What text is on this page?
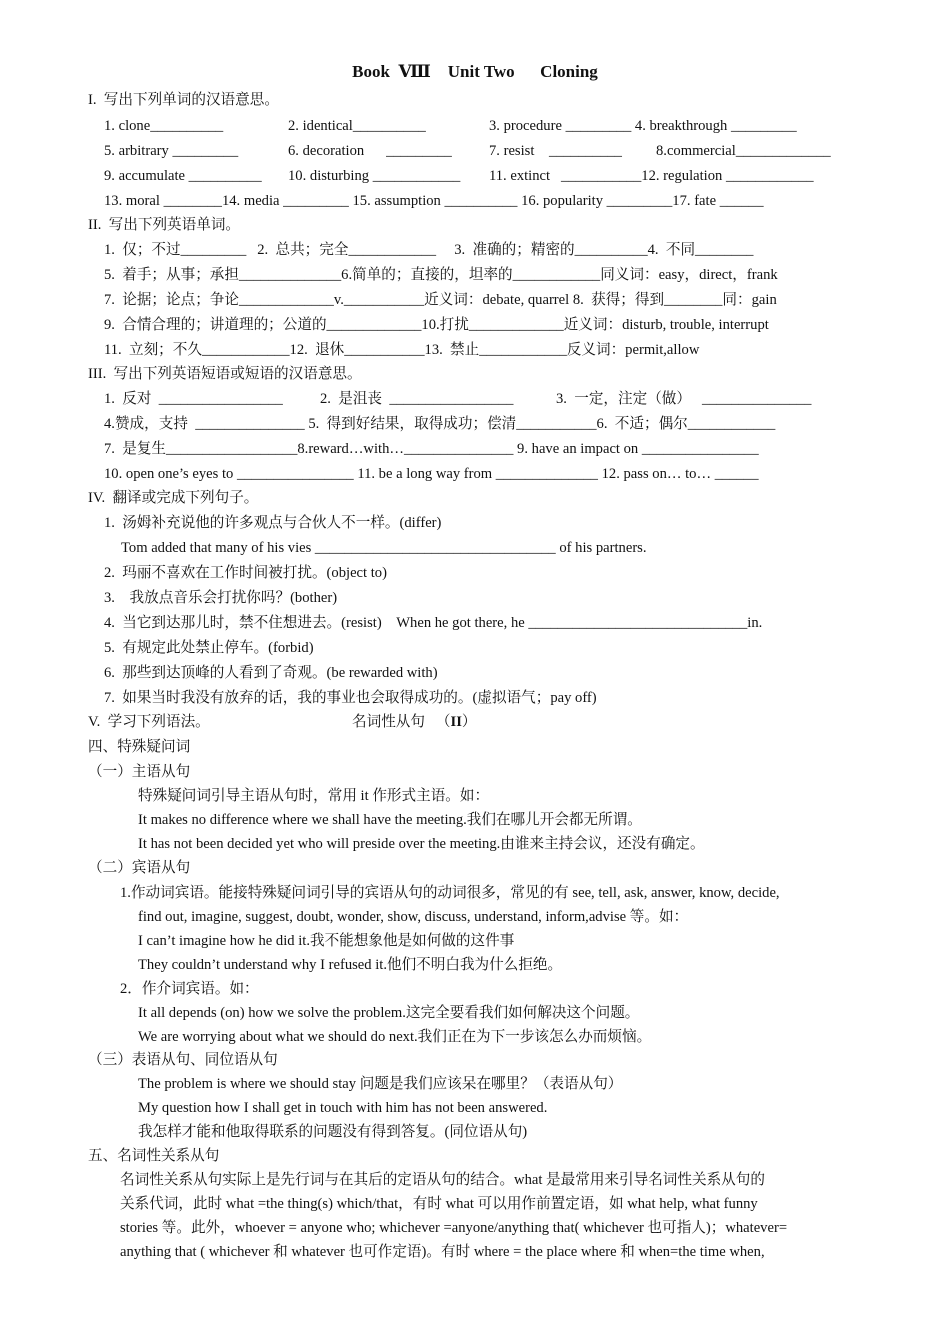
Book  Ⅷ    Unit Two      Cloning
I.  写出下列单词的汉语意思。
1. clone__________	2. identical__________	3. procedure _________ 4. breakthrough _________
5. arbitrary _________	6. decoration      _________	7. resist    __________ 8.commercial_____________
9. accumulate __________ 10. disturbing ____________ 11. extinct   ___________12. regulation ____________
13. moral ________14. media _________ 15. assumption __________ 16. popularity _________17. fate ______
II.  写出下列英语单词。
1.  仅；不过_________   2.  总共；完全____________     3.  准确的；精密的__________4.  不同________
5.  着手；从事；承担______________6.简单的；直接的，坦率的____________同义词：easy，direct，frank
7.  论据；论点；争论_____________v.___________近义词：debate, quarrel 8.  获得；得到________同：gain
9.  合情合理的；讲道理的；公道的_____________10.打扰_____________近义词：disturb, trouble, interrupt
11.  立刻；不久____________12.  退休___________13.  禁止____________反义词：permit,allow
III.  写出下列英语短语或短语的汉语意思。
1.  反对  _________________	2.  是沮丧  _________________	3.  一定，注定（做）   _______________
4.赞成，支持  _______________ 5.  得到好结果，取得成功；偿清___________6.  不适；偶尔____________
7.  是复生__________________8.reward…with…_______________ 9. have an impact on ________________
10. open one’s eyes to ________________ 11. be a long way from ______________ 12. pass on… to… ______
IV.  翻译或完成下列句子。
1.  汤姆补充说他的许多观点与合伙人不一样。(differ)
Tom added that many of his vies _________________________________ of his partners.
2.  玛丽不喜欢在工作时间被打扰。(object to)
3.    我放点音乐会打扰你吗？(bother)
4.  当它到达那儿时，禁不住想进去。(resist)    When he got there, he ______________________________in.
5.  有规定此处禁止停车。(forbid)
6.  那些到达顶峰的人看到了奇观。(be rewarded with)
7.  如果当时我没有放弃的话，我的事业也会取得成功的。(虚拟语气；pay off)
V.  学习下列语法。	名词性从句   （II）
四、特殊疑问词
（一）主语从句
特殊疑问词引导主语从句时，常用 it 作形式主语。如：
It makes no difference where we shall have the meeting.我们在哪儿开会都无所谓。
It has not been decided yet who will preside over the meeting.由谁来主持会议，还没有确定。
（二）宾语从句
1.作动词宾语。能接特殊疑问词引导的宾语从句的动词很多，常见的有 see, tell, ask, answer, know, decide,
find out, imagine, suggest, doubt, wonder, show, discuss, understand, inform,advise 等。如：
I can’t imagine how he did it.我不能想象他是如何做的这件事
They couldn’t understand why I refused it.他们不明白我为什么拒绝。
2．作介词宾语。如：
It all depends (on) how we solve the problem.这完全要看我们如何解决这个问题。
We are worrying about what we should do next.我们正在为下一步该怎么办而烦恼。
（三）表语从句、同位语从句
The problem is where we should stay 问题是我们应该呆在哪里？（表语从句）
My question how I shall get in touch with him has not been answered.
我怎样才能和他取得联系的问题没有得到答复。(同位语从句)
五、名词性关系从句
名词性关系从句实际上是先行词与在其后的定语从句的结合。what 是最常用来引导名词性关系从句的
关系代词，此时 what =the thing(s) which/that，有时 what 可以用作前置定语，如 what help, what funny
stories 等。此外，whoever = anyone who; whichever =anyone/anything that( whichever 也可指人)；whatever=
anything that ( whichever 和 whatever 也可作定语)。有时 where = the place where 和 when=the time when,
